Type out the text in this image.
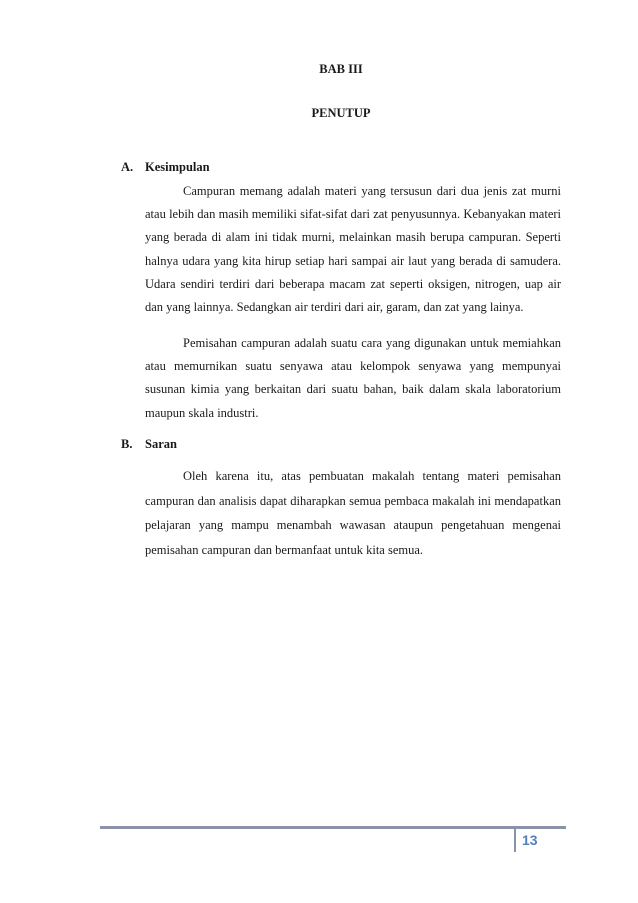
BAB III
PENUTUP
A. Kesimpulan

Campuran memang adalah materi yang tersusun dari dua jenis zat murni atau lebih dan masih memiliki sifat-sifat dari zat penyusunnya. Kebanyakan materi yang berada di alam ini tidak murni, melainkan masih berupa campuran. Seperti halnya udara yang kita hirup setiap hari sampai air laut yang berada di samudera. Udara sendiri terdiri dari beberapa macam zat seperti oksigen, nitrogen, uap air dan yang lainnya. Sedangkan air terdiri dari air, garam, dan zat yang lainya.

Pemisahan campuran adalah suatu cara yang digunakan untuk memiahkan atau memurnikan suatu senyawa atau kelompok senyawa yang mempunyai susunan kimia yang berkaitan dari suatu bahan, baik dalam skala laboratorium maupun skala industri.

B. Saran

Oleh karena itu, atas pembuatan makalah tentang materi pemisahan campuran dan analisis dapat diharapkan semua pembaca makalah ini mendapatkan pelajaran yang mampu menambah wawasan ataupun pengetahuan mengenai pemisahan campuran dan bermanfaat untuk kita semua.

13
